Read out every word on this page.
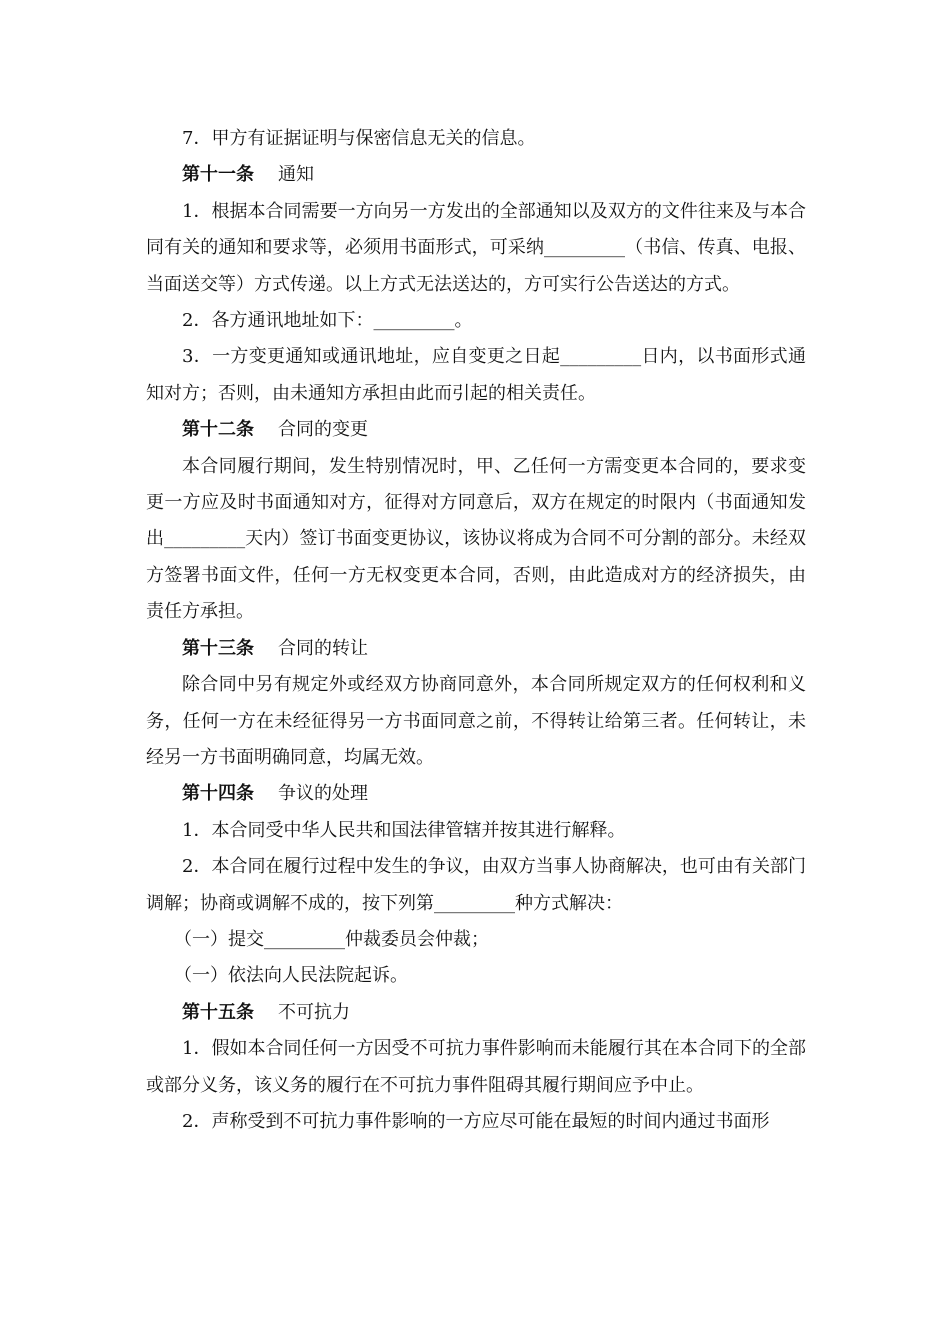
7．甲方有证据证明与保密信息无关的信息。

第十一条 通知

1．根据本合同需要一方向另一方发出的全部通知以及双方的文件往来及与本合同有关的通知和要求等，必须用书面形式，可采纳_________（书信、传真、电报、当面送交等）方式传递。以上方式无法送达的，方可实行公告送达的方式。

2．各方通讯地址如下：_________。

3．一方变更通知或通讯地址，应自变更之日起_________日内，以书面形式通知对方；否则，由未通知方承担由此而引起的相关责任。

第十二条 合同的变更

本合同履行期间，发生特别情况时，甲、乙任何一方需变更本合同的，要求变更一方应及时书面通知对方，征得对方同意后，双方在规定的时限内（书面通知发出_________天内）签订书面变更协议，该协议将成为合同不可分割的部分。未经双方签署书面文件，任何一方无权变更本合同，否则，由此造成对方的经济损失，由责任方承担。

第十三条 合同的转让

除合同中另有规定外或经双方协商同意外，本合同所规定双方的任何权利和义务，任何一方在未经征得另一方书面同意之前，不得转让给第三者。任何转让，未经另一方书面明确同意，均属无效。

第十四条 争议的处理

1．本合同受中华人民共和国法律管辖并按其进行解释。

2．本合同在履行过程中发生的争议，由双方当事人协商解决，也可由有关部门调解；协商或调解不成的，按下列第_________种方式解决：

（一）提交_________仲裁委员会仲裁；

（一）依法向人民法院起诉。

第十五条 不可抗力

1．假如本合同任何一方因受不可抗力事件影响而未能履行其在本合同下的全部或部分义务，该义务的履行在不可抗力事件阻碍其履行期间应予中止。

2．声称受到不可抗力事件影响的一方应尽可能在最短的时间内通过书面形
